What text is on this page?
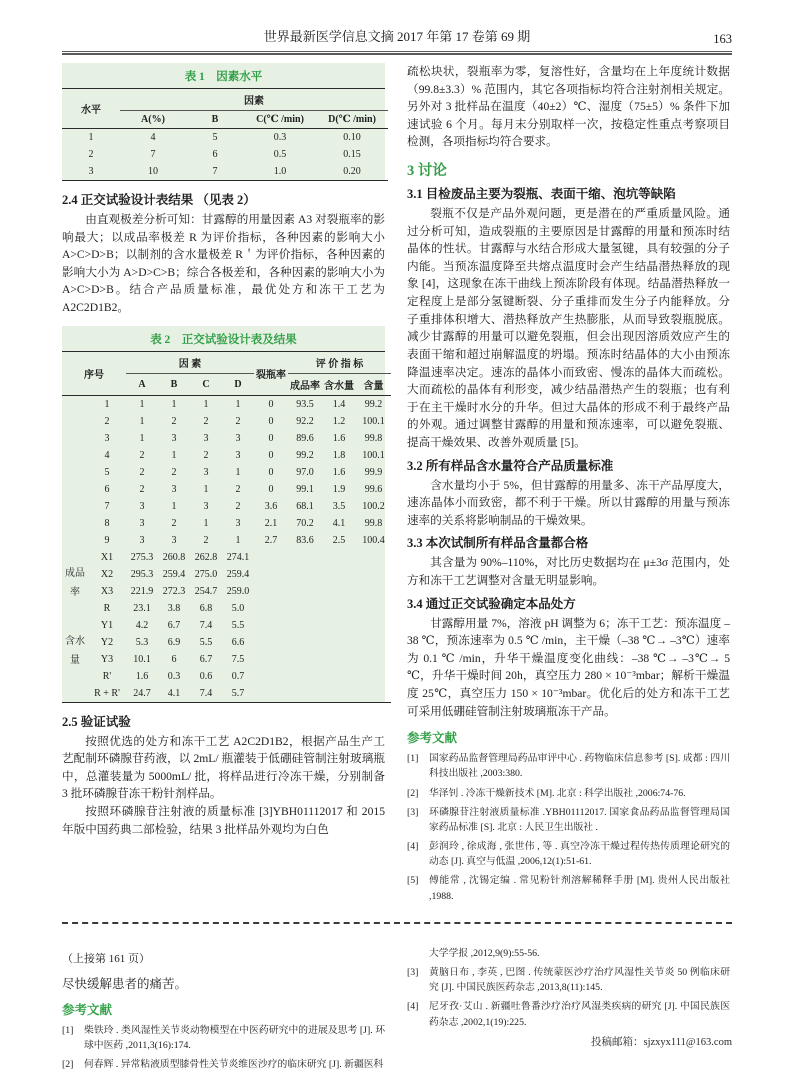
世界最新医学信息文摘 2017 年第 17 卷第 69 期	163
表 1　因素水平
水平	因素			
	A(%)	B	C(℃ /min)	D(℃ /min)
1	4	5	0.3	0.10
2	7	6	0.5	0.15
3	10	7	1.0	0.20
2.4 正交试验设计表结果 （见表 2）

由直观极差分析可知：甘露醇的用量因素 A3 对裂瓶率的影响最大；以成品率极差 R 为评价指标，各种因素的影响大小 A>C>D>B；以制剂的含水量极差 R＇为评价指标，各种因素的影响大小为 A>D>C>B；综合各极差和，各种因素的影响大小为 A>C>D>B。结合产品质量标准，最优处方和冻干工艺为 A2C2D1B2。

表 2　正交试验设计表及结果
序号		因 素				裂瓶率	评 价 指 标		
		A	B	C	D		成品率	含水量	含量
	1	1	1	1	1	0	93.5	1.4	99.2
	2	1	2	2	2	0	92.2	1.2	100.1
	3	1	3	3	3	0	89.6	1.6	99.8
	4	2	1	2	3	0	99.2	1.8	100.1
	5	2	2	3	1	0	97.0	1.6	99.9
	6	2	3	1	2	0	99.1	1.9	99.6
	7	3	1	3	2	3.6	68.1	3.5	100.2
	8	3	2	1	3	2.1	70.2	4.1	99.8
	9	3	3	2	1	2.7	83.6	2.5	100.4
成品率	X1	275.3	260.8	262.8	274.1				
	X2	295.3	259.4	275.0	259.4				
	X3	221.9	272.3	254.7	259.0				
	R	23.1	3.8	6.8	5.0				
含水量	Y1	4.2	6.7	7.4	5.5				
	Y2	5.3	6.9	5.5	6.6				
	Y3	10.1	6	6.7	7.5				
	R'	1.6	0.3	0.6	0.7				
	R + R'	24.7	4.1	7.4	5.7				
2.5 验证试验

按照优选的处方和冻干工艺 A2C2D1B2，根据产品生产工艺配制环磷腺苷药液，以 2mL/ 瓶灌装于低硼硅管制注射玻璃瓶中，总灌装量为 5000mL/ 批，将样品进行冷冻干燥，分别制备 3 批环磷腺苷冻干粉针剂样品。

按照环磷腺苷注射液的质量标准 [3]YBH01112017 和 2015 年版中国药典二部检验，结果 3 批样品外观均为白色

疏松块状，裂瓶率为零，复溶性好，含量均在上年度统计数据（99.8±3.3）% 范围内，其它各项指标均符合注射剂相关规定。另外对 3 批样品在温度（40±2）℃、湿度（75±5）% 条件下加速试验 6 个月。每月末分别取样一次，按稳定性重点考察项目检测，各项指标均符合要求。

3 讨论
3.1 目检废品主要为裂瓶、表面干缩、泡坑等缺陷

裂瓶不仅是产品外观问题，更是潜在的严重质量风险。通过分析可知，造成裂瓶的主要原因是甘露醇的用量和预冻时结晶体的性状。甘露醇与水结合形成大量氢键，具有较强的分子内能。当预冻温度降至共熔点温度时会产生结晶潜热释放的现象 [4]，这现象在冻干曲线上预冻阶段有体现。结晶潜热释放一定程度上是部分氢键断裂、分子重排而发生分子内能释放。分子重排体积增大、潜热释放产生热膨胀，从而导致裂瓶脱底。减少甘露醇的用量可以避免裂瓶，但会出现因溶质效应产生的表面干缩和超过崩解温度的坍塌。预冻时结晶体的大小由预冻降温速率决定。速冻的晶体小而致密、慢冻的晶体大而疏松。大而疏松的晶体有利形变，减少结晶潜热产生的裂瓶；也有利于在主干燥时水分的升华。但过大晶体的形成不利于最终产品的外观。通过调整甘露醇的用量和预冻速率，可以避免裂瓶、提高干燥效果、改善外观质量 [5]。

3.2 所有样品含水量符合产品质量标准

含水量均小于 5%，但甘露醇的用量多、冻干产品厚度大，速冻晶体小而致密，都不利于干燥。所以甘露醇的用量与预冻速率的关系将影响制品的干燥效果。

3.3 本次试制所有样品含量都合格

其含量为 90%–110%，对比历史数据均在 μ±3σ 范围内，处方和冻干工艺调整对含量无明显影响。

3.4 通过正交试验确定本品处方

甘露醇用量 7%，溶液 pH 调整为 6；冻干工艺：预冻温度 – 38 ℃，预冻速率为 0.5 ℃ /min，主干燥（–38 ℃→ –3℃）速率为 0.1 ℃ /min，升华干燥温度变化曲线：–38 ℃→ –3℃→ 5 ℃，升华干燥时间 20h，真空压力 280 × 10⁻³mbar；解析干燥温度 25℃，真空压力 150 × 10⁻³mbar。优化后的处方和冻干工艺可采用低硼硅管制注射玻璃瓶冻干产品。

参考文献
[1]	国家药品监督管理局药品审评中心 . 药物临床信息参考 [S]. 成都 : 四川科技出版社 ,2003:380.
[2]	华泽钊 . 冷冻干燥新技术 [M]. 北京 : 科学出版社 ,2006:74-76.
[3]	环磷腺苷注射液质量标准 .YBH01112017. 国家食品药品监督管理局国家药品标准 [S]. 北京 : 人民卫生出版社 .
[4]	彭润玲 , 徐成海 , 张世伟 , 等 . 真空冷冻干燥过程传热传质理论研究的动态 [J]. 真空与低温 ,2006,12(1):51-61.
[5]	傅能常 , 沈锡定编 . 常见粉针剂溶解稀释手册 [M]. 贵州人民出版社 ,1988.
（上接第 161 页）
尽快缓解患者的痛苦。
参考文献
[1]	柴铁玲 . 类风湿性关节炎动物模型在中医药研究中的进展及思考 [J]. 环球中医药 ,2011,3(16):174.
[2]	何春辉 . 异常粘液质型膝骨性关节炎维医沙疗的临床研究 [J]. 新疆医科
大学学报 ,2012,9(9):55-56.
[3]	黄脑日布 , 李英 , 巴图 . 传统蒙医沙疗治疗风湿性关节炎 50 例临床研究 [J]. 中国民族医药杂志 ,2013,8(11):145.
[4]	尼牙孜·艾山 . 新疆吐鲁番沙疗治疗风湿类疾病的研究 [J]. 中国民族医药杂志 ,2002,1(19):225.
投稿邮箱：sjzxyx111@163.com
